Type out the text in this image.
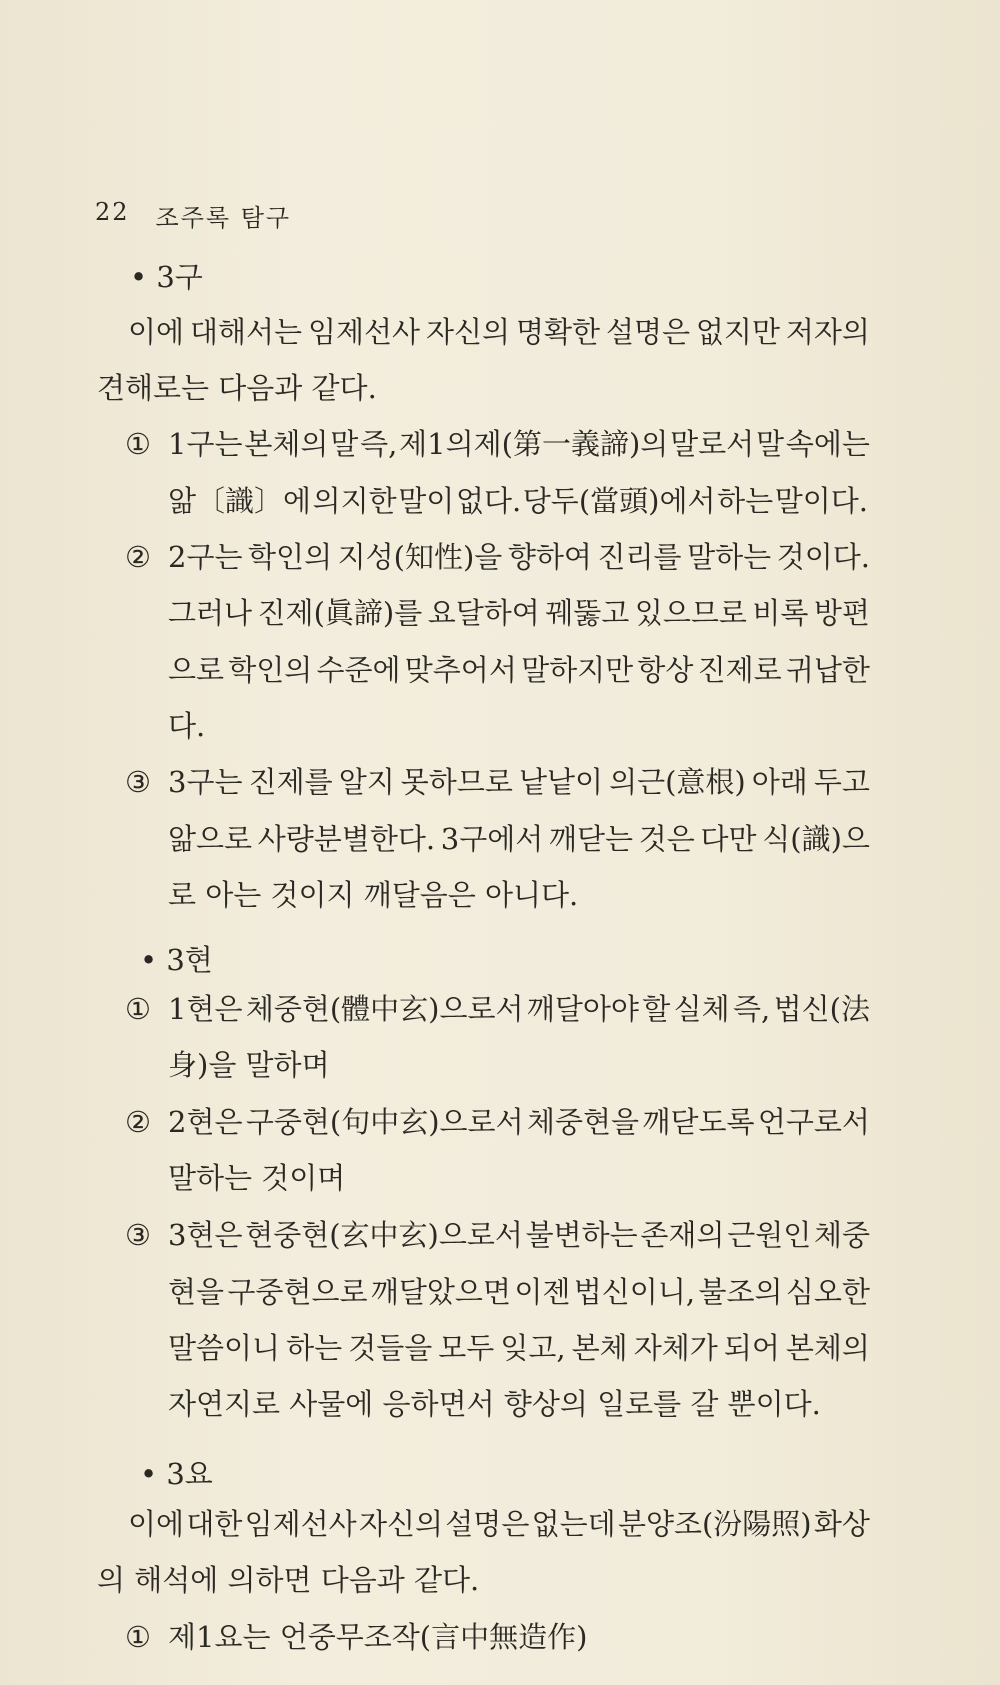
22 조주록 탐구
• 3구
이에 대해서는 임제선사 자신의 명확한 설명은 없지만 저자의
견해로는 다음과 같다.
① 1구는 본체의 말 즉, 제1의제(第一義諦)의 말로서 말 속에는
앎〔識〕에 의지한 말이 없다. 당두(當頭)에서 하는 말이다.
② 2구는 학인의 지성(知性)을 향하여 진리를 말하는 것이다.
그러나 진제(眞諦)를 요달하여 꿰뚫고 있으므로 비록 방편
으로 학인의 수준에 맞추어서 말하지만 항상 진제로 귀납한
다.
③ 3구는 진제를 알지 못하므로 낱낱이 의근(意根) 아래 두고
앎으로 사량분별한다. 3구에서 깨닫는 것은 다만 식(識)으
로 아는 것이지 깨달음은 아니다.
• 3현
① 1현은 체중현(體中玄)으로서 깨달아야 할 실체 즉, 법신(法
身)을 말하며
② 2현은 구중현(句中玄)으로서 체중현을 깨닫도록 언구로서
말하는 것이며
③ 3현은 현중현(玄中玄)으로서 불변하는 존재의 근원인 체중
현을 구중현으로 깨달았으면 이젠 법신이니, 불조의 심오한
말씀이니 하는 것들을 모두 잊고, 본체 자체가 되어 본체의
자연지로 사물에 응하면서 향상의 일로를 갈 뿐이다.
• 3요
이에 대한 임제선사 자신의 설명은 없는데 분양조(汾陽照) 화상
의 해석에 의하면 다음과 같다.
① 제1요는 언중무조작(言中無造作)
